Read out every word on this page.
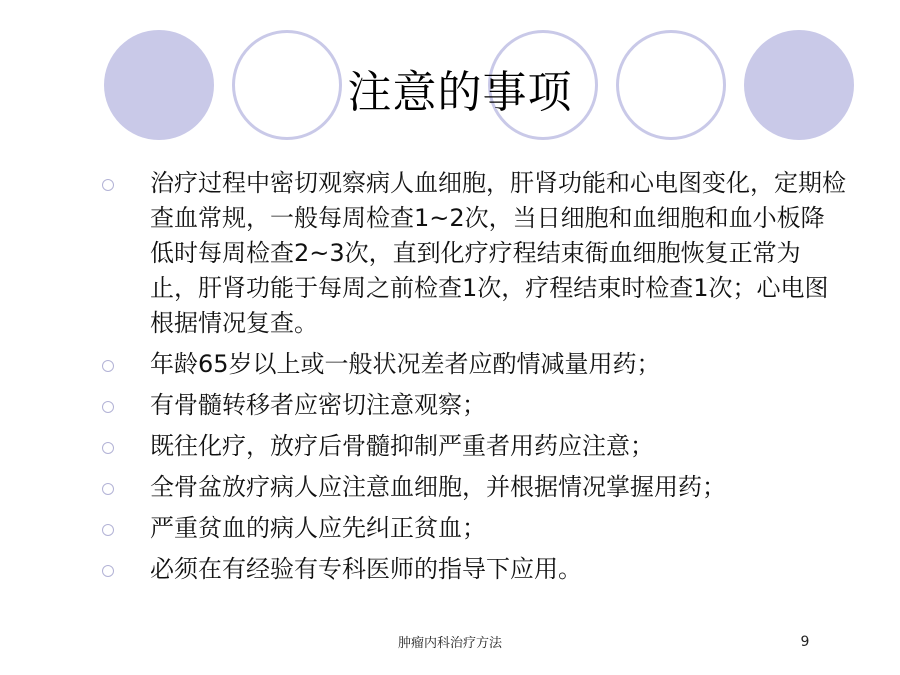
注意的事项
治疗过程中密切观察病人血细胞，肝肾功能和心电图变化，定期检查血常规，一般每周检查1~2次，当日细胞和血细胞和血小板降低时每周检查2~3次，直到化疗疗程结束衙血细胞恢复正常为止，肝肾功能于每周之前检查1次，疗程结束时检查1次；心电图根据情况复查。
年龄65岁以上或一般状况差者应酌情减量用药；
有骨髓转移者应密切注意观察；
既往化疗，放疗后骨髓抑制严重者用药应注意；
全骨盆放疗病人应注意血细胞，并根据情况掌握用药；
严重贫血的病人应先纠正贫血；
必须在有经验有专科医师的指导下应用。
肿瘤内科治疗方法	9
